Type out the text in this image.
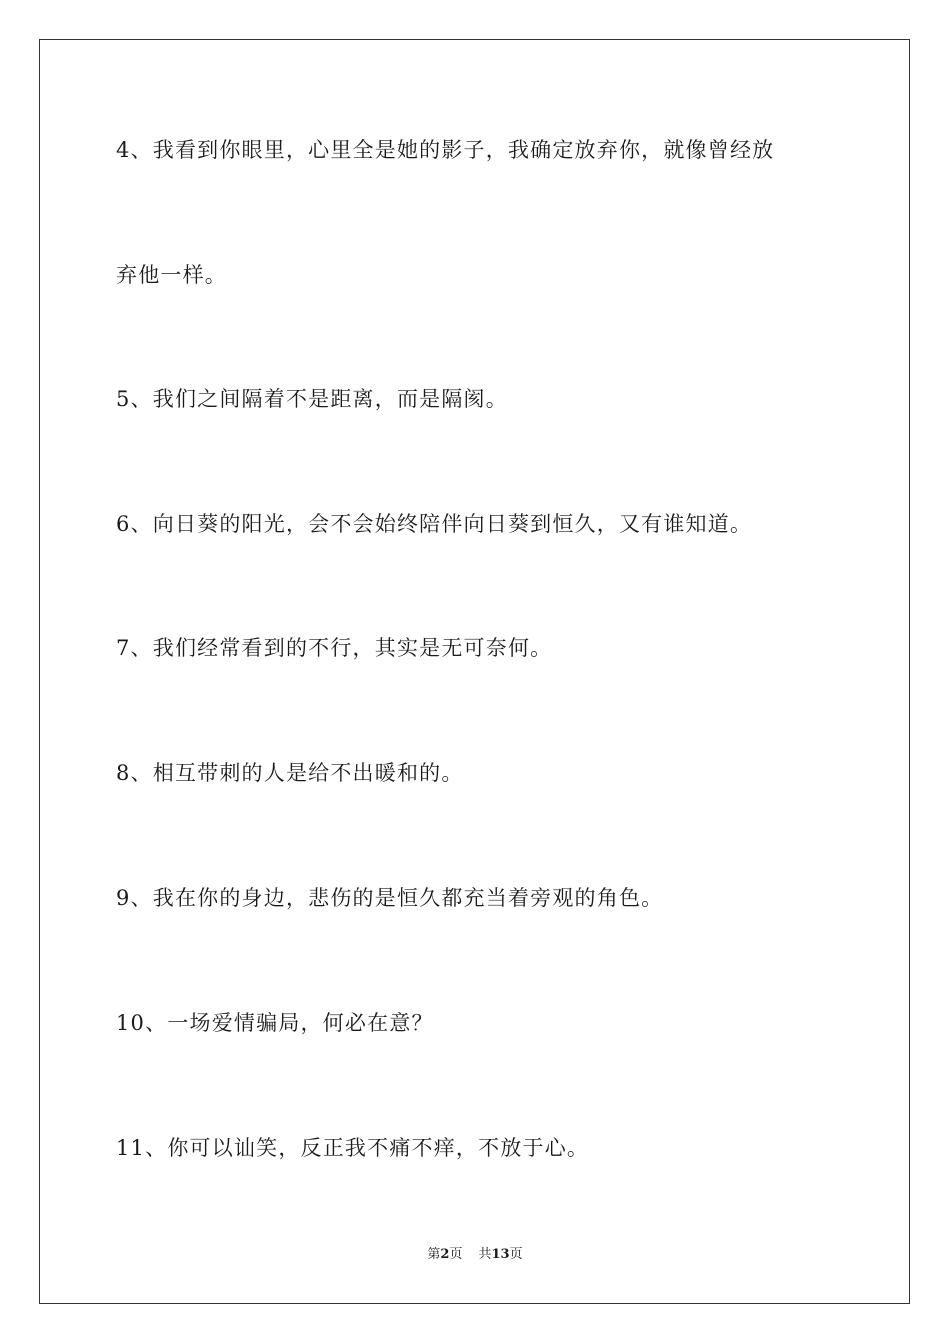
4、我看到你眼里，心里全是她的影子，我确定放弃你，就像曾经放
弃他一样。
5、我们之间隔着不是距离，而是隔阂。
6、向日葵的阳光，会不会始终陪伴向日葵到恒久，又有谁知道。
7、我们经常看到的不行，其实是无可奈何。
8、相互带刺的人是给不出暖和的。
9、我在你的身边，悲伤的是恒久都充当着旁观的角色。
10、一场爱情骗局，何必在意？
11、你可以讪笑，反正我不痛不痒，不放于心。
第2页 共13页
